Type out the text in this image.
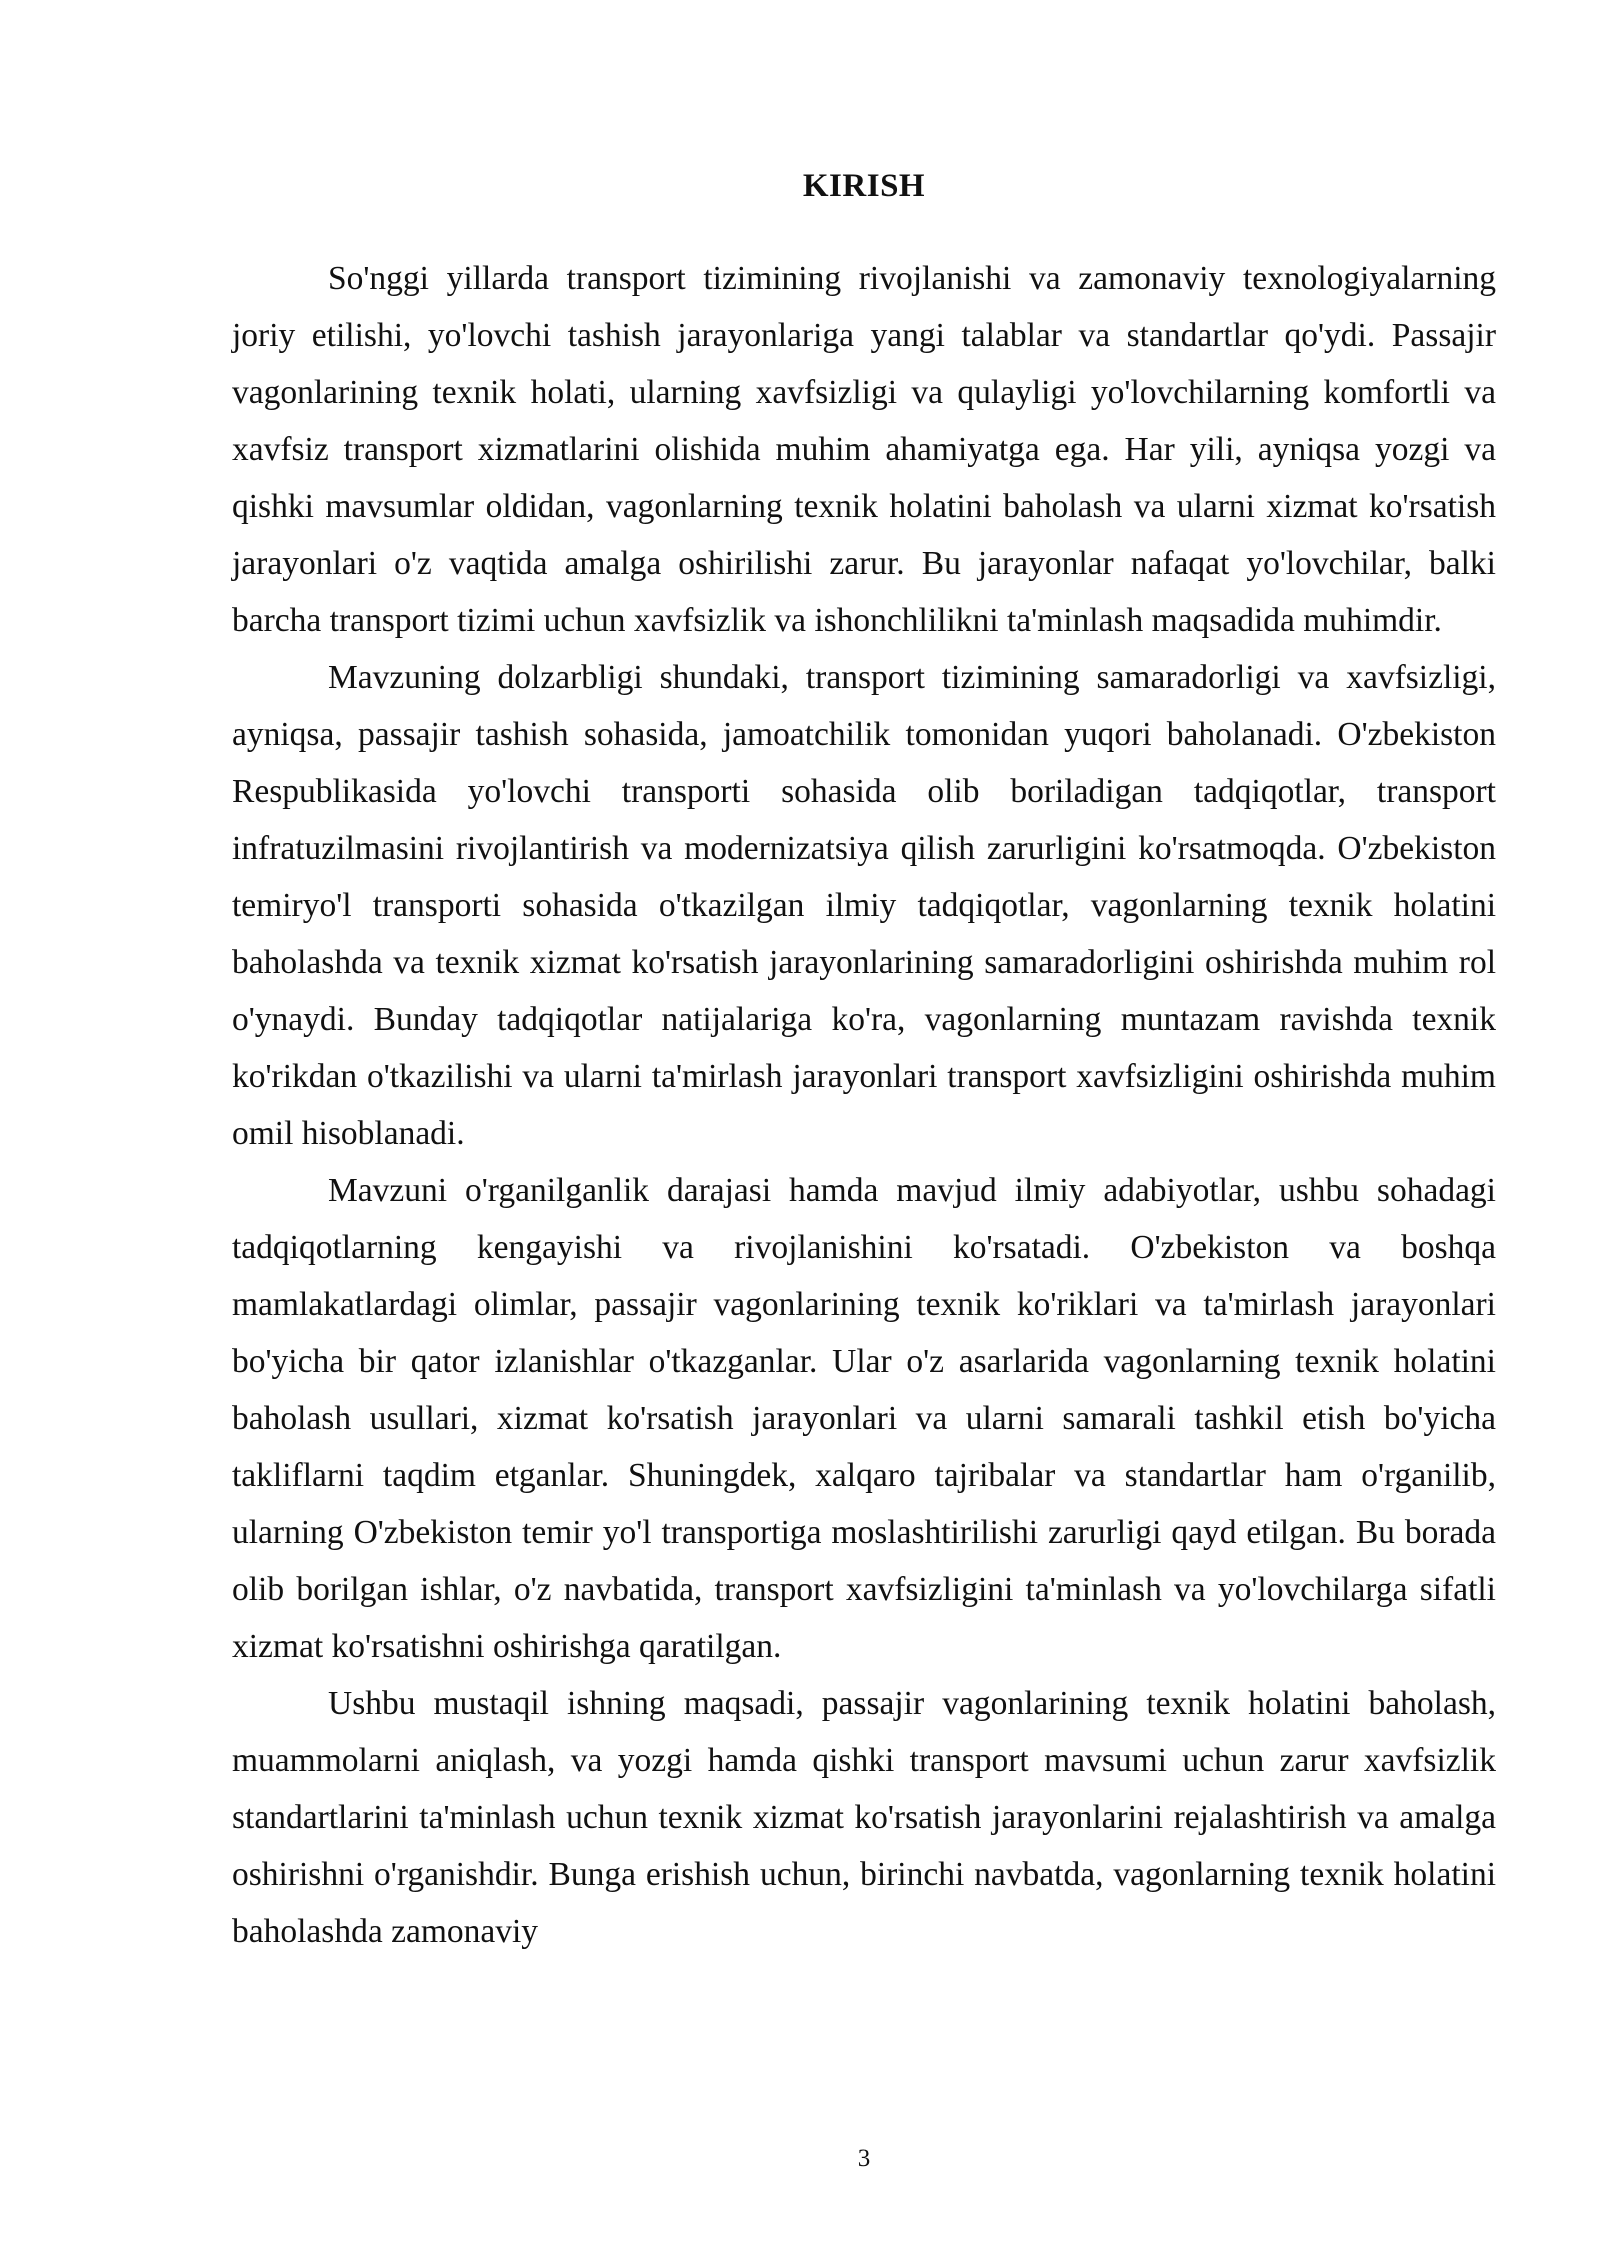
KIRISH

So'nggi yillarda transport tizimining rivojlanishi va zamonaviy texnologiyalarning joriy etilishi, yo'lovchi tashish jarayonlariga yangi talablar va standartlar qo'ydi. Passajir vagonlarining texnik holati, ularning xavfsizligi va qulayligi yo'lovchilarning komfortli va xavfsiz transport xizmatlarini olishida muhim ahamiyatga ega. Har yili, ayniqsa yozgi va qishki mavsumlar oldidan, vagonlarning texnik holatini baholash va ularni xizmat ko'rsatish jarayonlari o'z vaqtida amalga oshirilishi zarur. Bu jarayonlar nafaqat yo'lovchilar, balki barcha transport tizimi uchun xavfsizlik va ishonchlilikni ta'minlash maqsadida muhimdir.

Mavzuning dolzarbligi shundaki, transport tizimining samaradorligi va xavfsizligi, ayniqsa, passajir tashish sohasida, jamoatchilik tomonidan yuqori baholanadi. O'zbekiston Respublikasida yo'lovchi transporti sohasida olib boriladigan tadqiqotlar, transport infratuzilmasini rivojlantirish va modernizatsiya qilish zarurligini ko'rsatmoqda. O'zbekiston temiryo'l transporti sohasida o'tkazilgan ilmiy tadqiqotlar, vagonlarning texnik holatini baholashda va texnik xizmat ko'rsatish jarayonlarining samaradorligini oshirishda muhim rol o'ynaydi. Bunday tadqiqotlar natijalariga ko'ra, vagonlarning muntazam ravishda texnik ko'rikdan o'tkazilishi va ularni ta'mirlash jarayonlari transport xavfsizligini oshirishda muhim omil hisoblanadi.

Mavzuni o'rganilganlik darajasi hamda mavjud ilmiy adabiyotlar, ushbu sohadagi tadqiqotlarning kengayishi va rivojlanishini ko'rsatadi. O'zbekiston va boshqa mamlakatlardagi olimlar, passajir vagonlarining texnik ko'riklari va ta'mirlash jarayonlari bo'yicha bir qator izlanishlar o'tkazganlar. Ular o'z asarlarida vagonlarning texnik holatini baholash usullari, xizmat ko'rsatish jarayonlari va ularni samarali tashkil etish bo'yicha takliflarni taqdim etganlar. Shuningdek, xalqaro tajribalar va standartlar ham o'rganilib, ularning O'zbekiston temir yo'l transportiga moslashtirilishi zarurligi qayd etilgan. Bu borada olib borilgan ishlar, o'z navbatida, transport xavfsizligini ta'minlash va yo'lovchilarga sifatli xizmat ko'rsatishni oshirishga qaratilgan.

Ushbu mustaqil ishning maqsadi, passajir vagonlarining texnik holatini baholash, muammolarni aniqlash, va yozgi hamda qishki transport mavsumi uchun zarur xavfsizlik standartlarini ta'minlash uchun texnik xizmat ko'rsatish jarayonlarini rejalashtirish va amalga oshirishni o'rganishdir. Bunga erishish uchun, birinchi navbatda, vagonlarning texnik holatini baholashda zamonaviy

3
